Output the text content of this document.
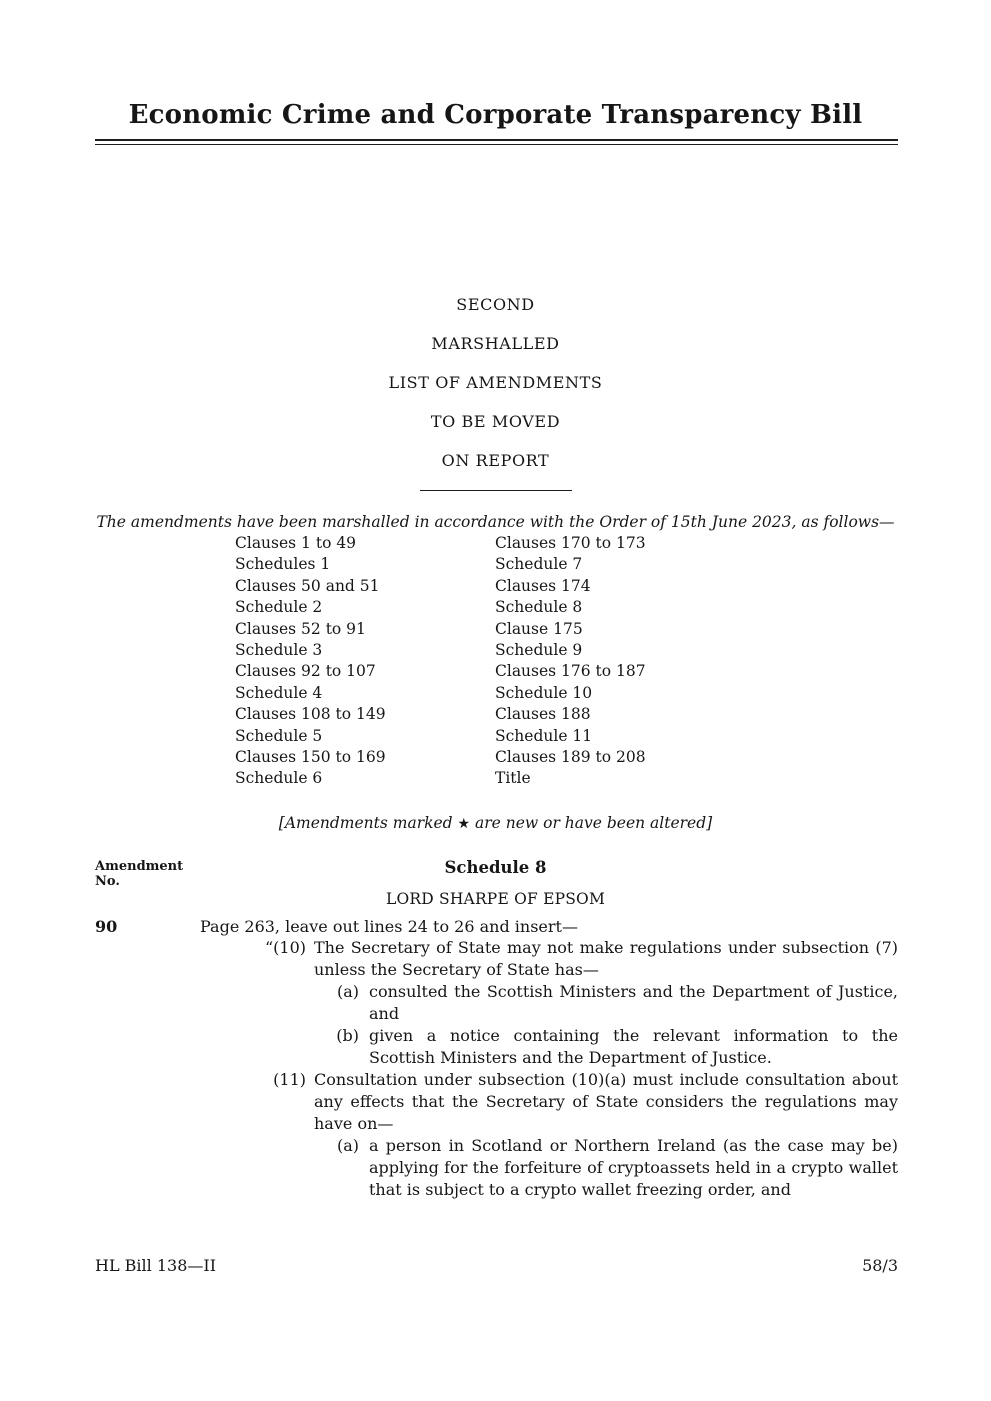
Economic Crime and Corporate Transparency Bill
SECOND
MARSHALLED
LIST OF AMENDMENTS
TO BE MOVED
ON REPORT

The amendments have been marshalled in accordance with the Order of 15th June 2023, as follows—

Clauses 1 to 49
Schedules 1
Clauses 50 and 51
Schedule 2
Clauses 52 to 91
Schedule 3
Clauses 92 to 107
Schedule 4
Clauses 108 to 149
Schedule 5
Clauses 150 to 169
Schedule 6
Clauses 170 to 173
Schedule 7
Clauses 174
Schedule 8
Clause 175
Schedule 9
Clauses 176 to 187
Schedule 10
Clauses 188
Schedule 11
Clauses 189 to 208
Title

[Amendments marked ★ are new or have been altered]

Amendment
No.
Schedule 8
LORD SHARPE OF EPSOM
90	Page 263, leave out lines 24 to 26 and insert—
“(10) The Secretary of State may not make regulations under subsection (7) unless the Secretary of State has—
(a) consulted the Scottish Ministers and the Department of Justice, and
(b) given a notice containing the relevant information to the Scottish Ministers and the Department of Justice.
(11) Consultation under subsection (10)(a) must include consultation about any effects that the Secretary of State considers the regulations may have on—
(a) a person in Scotland or Northern Ireland (as the case may be) applying for the forfeiture of cryptoassets held in a crypto wallet that is subject to a crypto wallet freezing order, and
HL Bill 138—II	58/3
